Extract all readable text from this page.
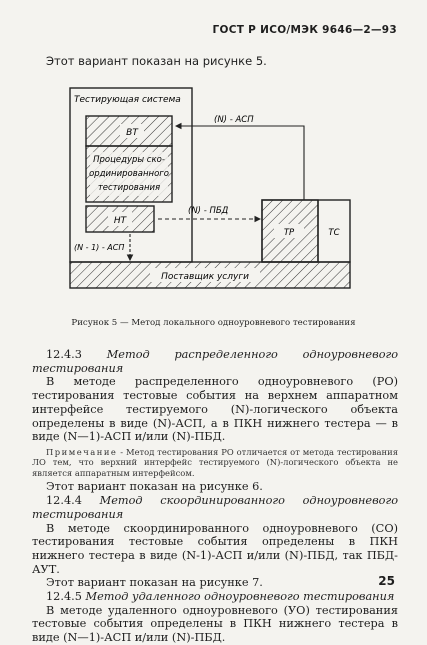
ГОСТ Р ИСО/МЭК 9646—2—93
Этот вариант показан на рисунке 5.
Тестирующая система
ВТ
Процедуры ско-
ординированного
тестирования
НТ
ТР	ТС
Поставщик услуги
(N) - АСП
(N) - ПБД
(N - 1) - АСП
Рисунок 5 — Метод локального одноуровневого тестирования

12.4.3 Метод распределенного одноуровневого тестирования

В методе распределенного одноуровневого (РО) тестирования тестовые события на верхнем аппаратном интерфейсе тестируемого (N)-логического объекта определены в виде (N)-АСП, а в ПКН нижнего тестера — в виде (N—1)-АСП и/или (N)-ПБД.

Примечание - Метод тестирования РО отличается от метода тестирования ЛО тем, что верхний интерфейс тестируемого (N)-логического объекта не является аппаратным интерфейсом.

Этот вариант показан на рисунке 6.

12.4.4 Метод скоординированного одноуровневого тестирования

В методе скоординированного одноуровневого (СО) тестирования тестовые события определены в ПКН нижнего тестера в виде (N-1)-АСП и/или (N)-ПБД, так ПБД-АУТ.

Этот вариант показан на рисунке 7.

12.4.5 Метод удаленного одноуровневого тестирования

В методе удаленного одноуровневого (УО) тестирования тестовые события определены в ПКН нижнего тестера в виде (N—1)-АСП и/или (N)-ПБД.

25
